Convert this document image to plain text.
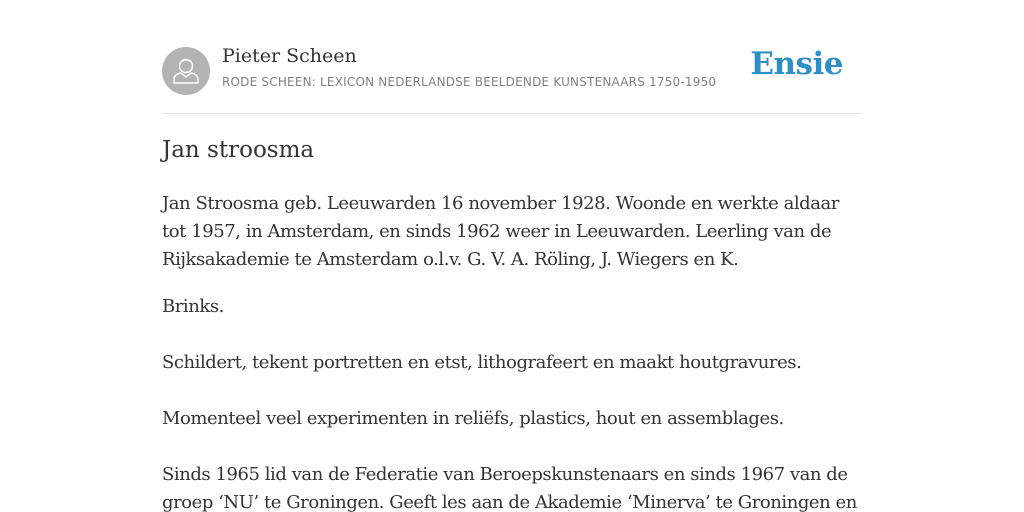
Pieter Scheen
RODE SCHEEN: LEXICON NEDERLANDSE BEELDENDE KUNSTENAARS 1750-1950 Ensie
Jan stroosma

Jan Stroosma geb. Leeuwarden 16 november 1928. Woonde en werkte aldaar tot 1957, in Amsterdam, en sinds 1962 weer in Leeuwarden. Leerling van de Rijksakademie te Amsterdam o.l.v. G. V. A. Röling, J. Wiegers en K.

Brinks.

Schildert, tekent portretten en etst, lithografeert en maakt houtgravures.

Momenteel veel experimenten in reliëfs, plastics, hout en assemblages.

Sinds 1965 lid van de Federatie van Beroepskunstenaars en sinds 1967 van de groep ‘NU’ te Groningen. Geeft les aan de Akademie ‘Minerva’ te Groningen en
